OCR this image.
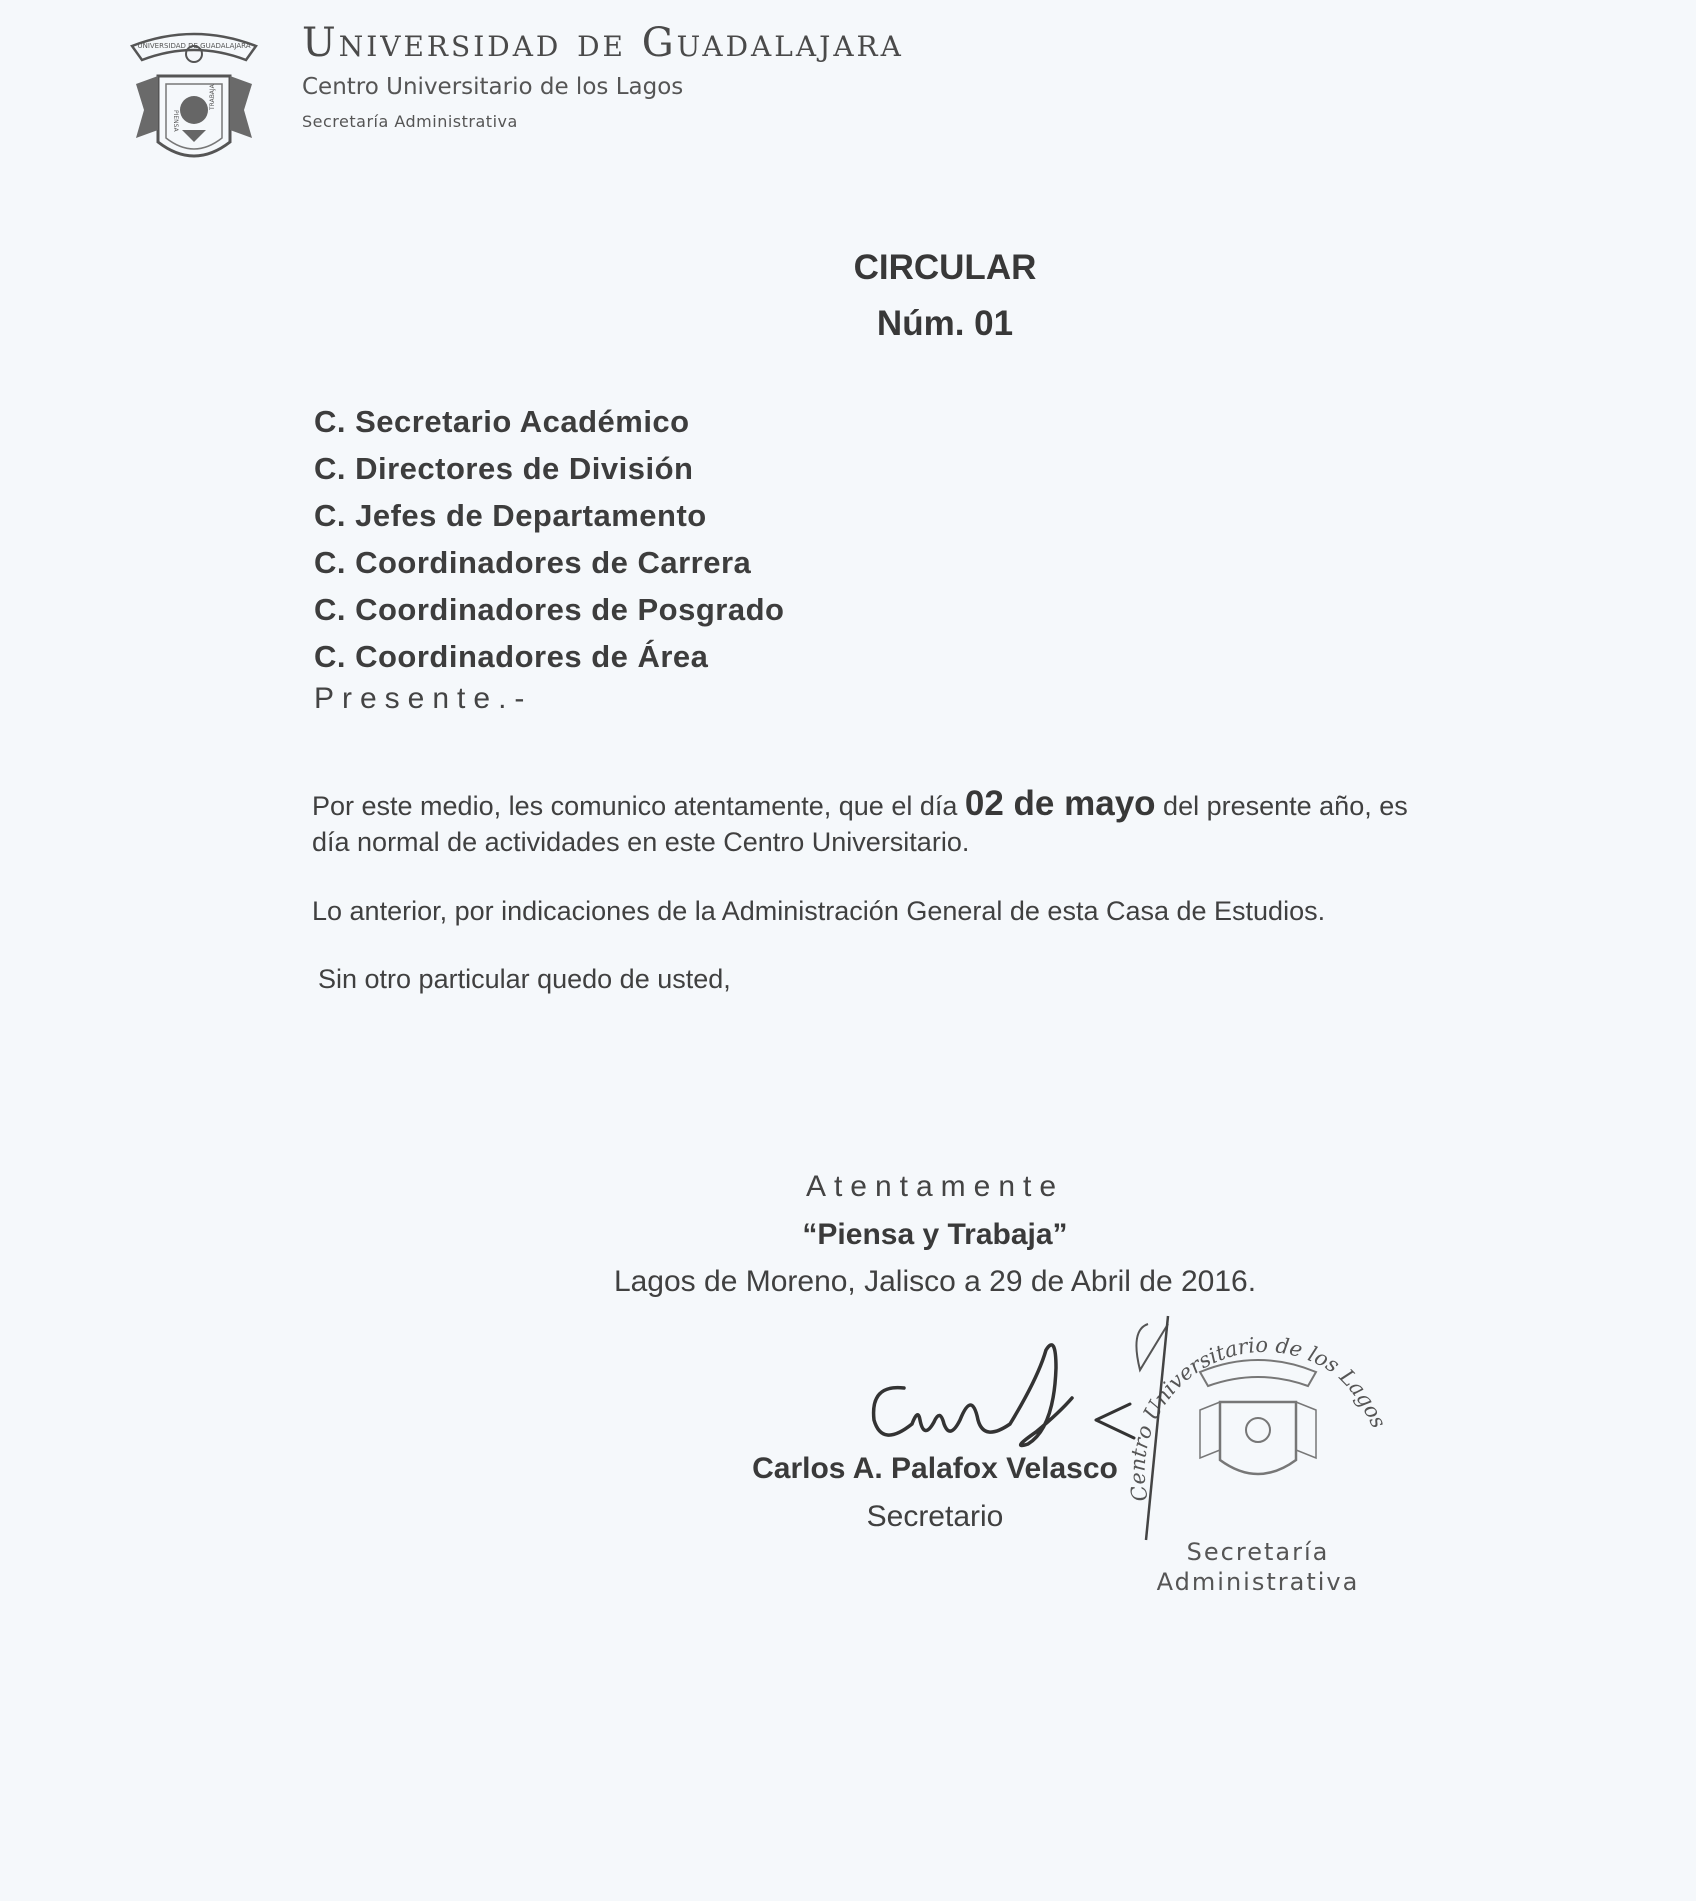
UNIVERSIDAD DE GUADALAJARA
PIENSA
TRABAJA
Universidad de Guadalajara
Centro Universitario de los Lagos
Secretaría Administrativa
CIRCULAR
Núm. 01
C. Secretario Académico
C. Directores de División
C. Jefes de Departamento
C. Coordinadores de Carrera
C. Coordinadores de Posgrado
C. Coordinadores de Área
Presente.-
Por este medio, les comunico atentamente, que el día 02 de mayo del presente año, es
día normal de actividades en este Centro Universitario.
Lo anterior, por indicaciones de la Administración General de esta Casa de Estudios.
Sin otro particular quedo de usted,
Atentamente
“Piensa y Trabaja”
Lagos de Moreno, Jalisco a 29 de Abril de 2016.
Carlos A. Palafox Velasco
Secretario
Centro Universitario de los Lagos
Secretaría
Administrativa
